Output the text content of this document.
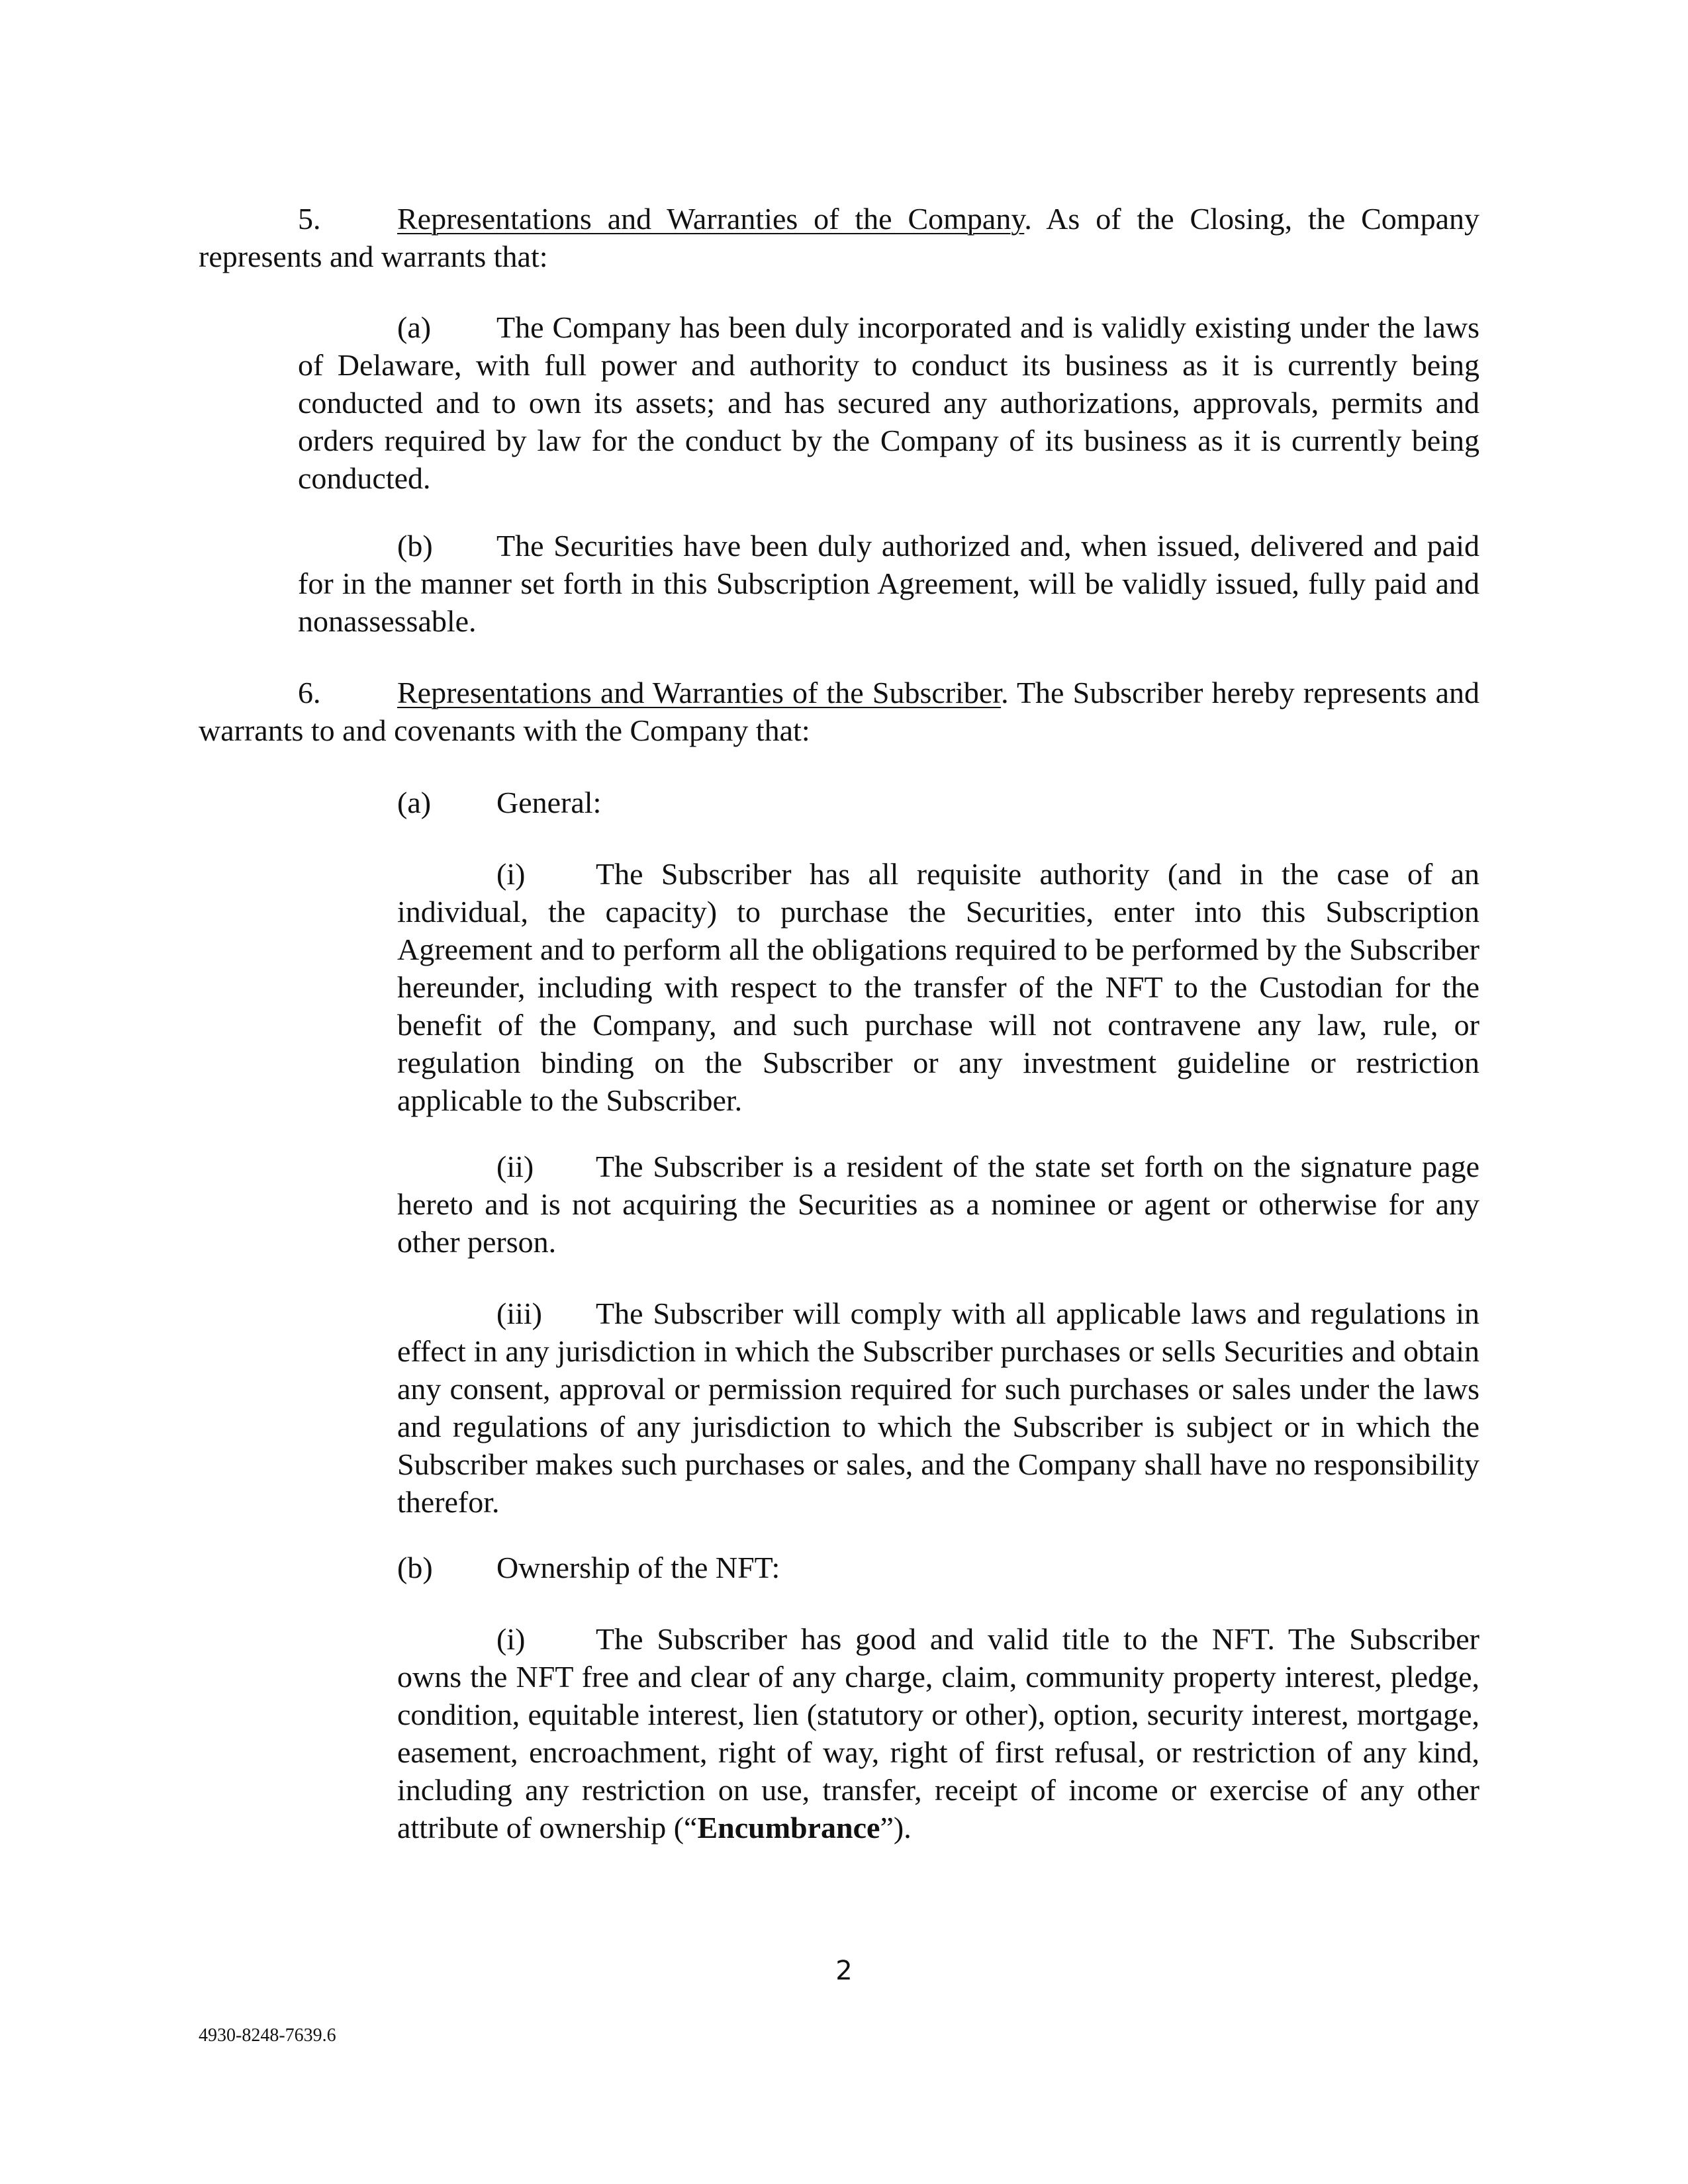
5.	Representations and Warranties of the Company. As of the Closing, the Company represents and warrants that:

(a) The Company has been duly incorporated and is validly existing under the laws of Delaware, with full power and authority to conduct its business as it is currently being conducted and to own its assets; and has secured any authorizations, approvals, permits and orders required by law for the conduct by the Company of its business as it is currently being conducted.

(b) The Securities have been duly authorized and, when issued, delivered and paid for in the manner set forth in this Subscription Agreement, will be validly issued, fully paid and nonassessable.

6.	Representations and Warranties of the Subscriber. The Subscriber hereby represents and warrants to and covenants with the Company that:

(a) General:

(i) The Subscriber has all requisite authority (and in the case of an individual, the capacity) to purchase the Securities, enter into this Subscription Agreement and to perform all the obligations required to be performed by the Subscriber hereunder, including with respect to the transfer of the NFT to the Custodian for the benefit of the Company, and such purchase will not contravene any law, rule, or regulation binding on the Subscriber or any investment guideline or restriction applicable to the Subscriber.

(ii) The Subscriber is a resident of the state set forth on the signature page hereto and is not acquiring the Securities as a nominee or agent or otherwise for any other person.

(iii) The Subscriber will comply with all applicable laws and regulations in effect in any jurisdiction in which the Subscriber purchases or sells Securities and obtain any consent, approval or permission required for such purchases or sales under the laws and regulations of any jurisdiction to which the Subscriber is subject or in which the Subscriber makes such purchases or sales, and the Company shall have no responsibility therefor.

(b) Ownership of the NFT:

(i) The Subscriber has good and valid title to the NFT. The Subscriber owns the NFT free and clear of any charge, claim, community property interest, pledge, condition, equitable interest, lien (statutory or other), option, security interest, mortgage, easement, encroachment, right of way, right of first refusal, or restriction of any kind, including any restriction on use, transfer, receipt of income or exercise of any other attribute of ownership (“Encumbrance”).

2
4930-8248-7639.6
